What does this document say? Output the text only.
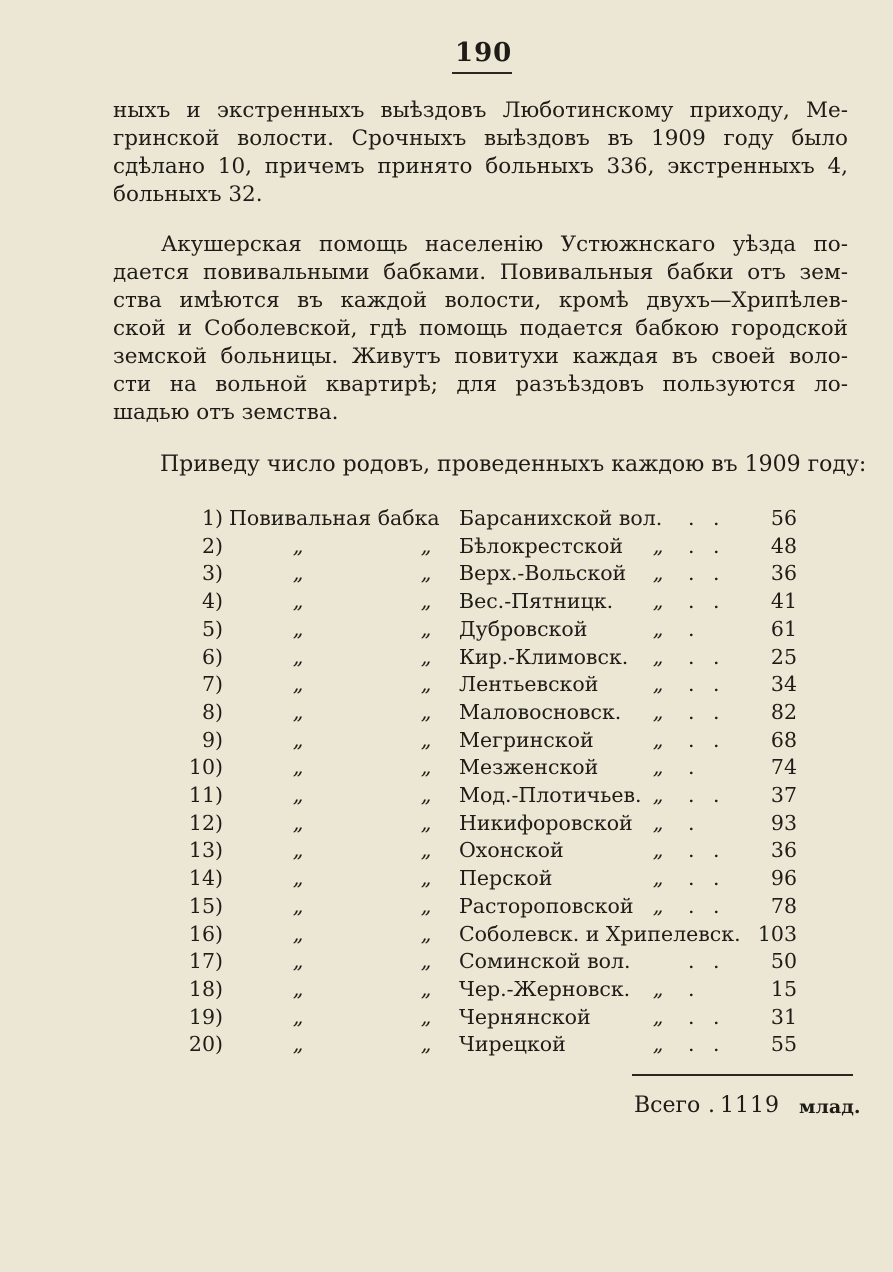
190
ныхъ и экстренныхъ выѣздовъ Люботинскому приходу, Ме-
гринской волости. Срочныхъ выѣздовъ въ 1909 году было
сдѣлано 10, причемъ принято больныхъ 336, экстренныхъ 4,
больныхъ 32.
Акушерская помощь населенію Устюжнскаго уѣзда по-
дается повивальными бабками. Повивальныя бабки отъ зем-
ства имѣются въ каждой волости, кромѣ двухъ—Хрипѣлев-
ской и Соболевской, гдѣ помощь подается бабкою городской
земской больницы. Живутъ повитухи каждая въ своей воло-
сти на вольной квартирѣ; для разъѣздовъ пользуются ло-
шадью отъ земства.
Приведу число родовъ, проведенныхъ каждою въ 1909 году:
1) Повивальная бабка Барсанихской вол. . .	56
2)	„	„ Бѣлокрестской „ . .	48
3)	„	„ Верх.-Вольской „ . .	36
4)	„	„ Вес.-Пятницк. „ . .	41
5)	„	„ Дубровской	„ .	61
6)	„	„ Кир.-Климовск. „ . .	25
7)	„	„ Лентьевской	„ . .	34
8)	„	„ Маловосновск. „ . .	82
9)	„	„ Мегринской	„ . .	68
10)	„	„ Мезженской	„ .	74
11)	„	„ Мод.-Плотичьев. „ . .	37
12)	„	„ Никифоровской „ .	93
13)	„	„ Охонской	„ . .	36
14)	„	„ Перской	„ . .	96
15)	„	„ Растороповской „ . .	78
16)	„	„ Соболевск. и Хрипелевск. 103
17)	„	„ Соминской вол.	. .	50
18)	„	„ Чер.-Жерновск. „ .	15
19)	„	„ Чернянской	„ . .	31
20)	„	„ Чирецкой	„ . .	55
Всего . 1119 млад.
